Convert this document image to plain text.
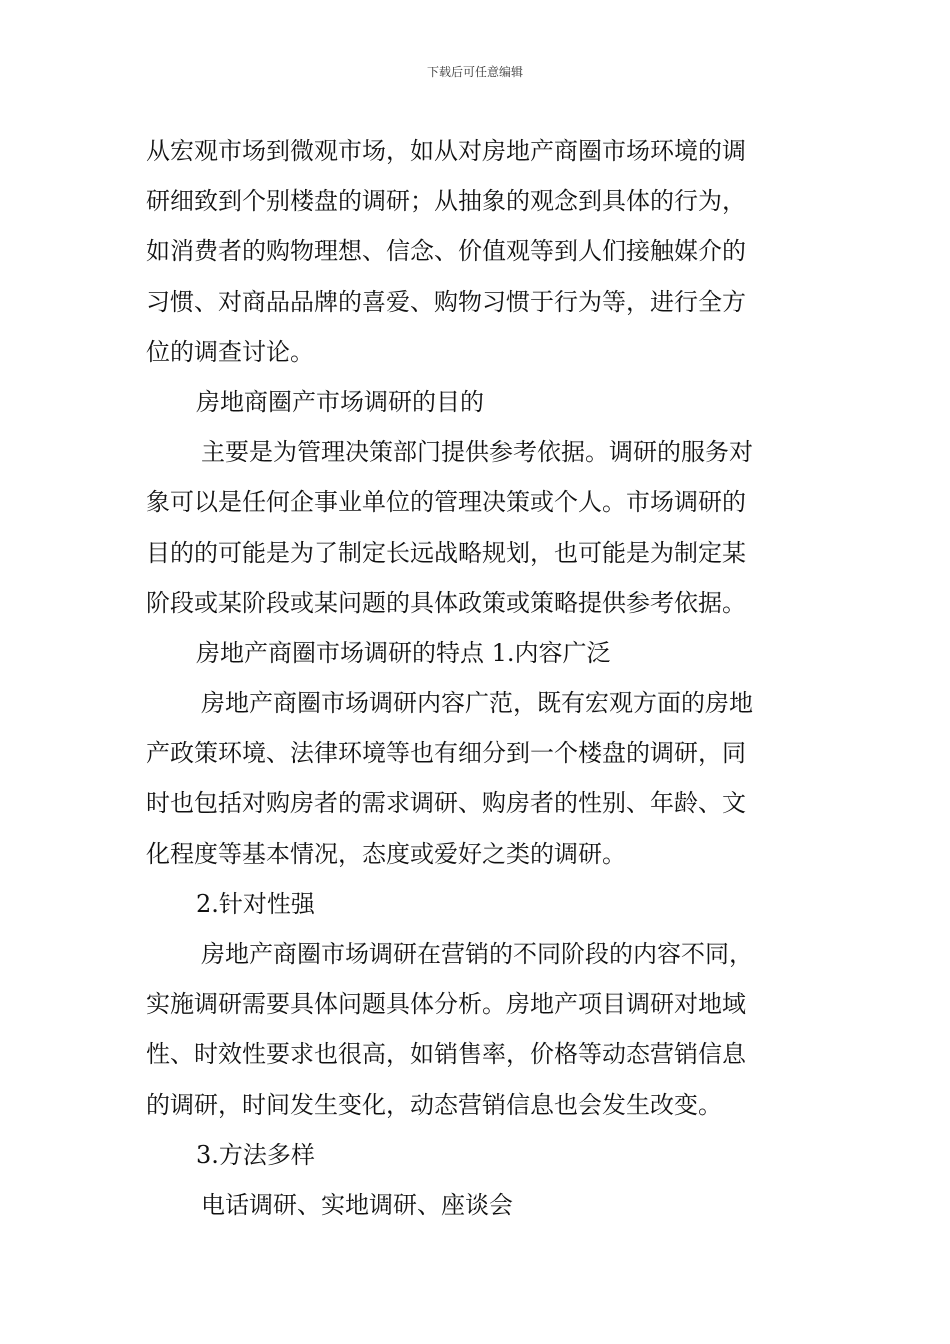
下载后可任意编辑
从宏观市场到微观市场，如从对房地产商圈市场环境的调
研细致到个别楼盘的调研；从抽象的观念到具体的行为，
如消费者的购物理想、信念、价值观等到人们接触媒介的
习惯、对商品品牌的喜爱、购物习惯于行为等，进行全方
位的调查讨论。
房地商圈产市场调研的目的
主要是为管理决策部门提供参考依据。调研的服务对
象可以是任何企事业单位的管理决策或个人。市场调研的
目的的可能是为了制定长远战略规划，也可能是为制定某
阶段或某阶段或某问题的具体政策或策略提供参考依据。
房地产商圈市场调研的特点 1.内容广泛
房地产商圈市场调研内容广范，既有宏观方面的房地
产政策环境、法律环境等也有细分到一个楼盘的调研，同
时也包括对购房者的需求调研、购房者的性别、年龄、文
化程度等基本情况，态度或爱好之类的调研。
2.针对性强
房地产商圈市场调研在营销的不同阶段的内容不同，
实施调研需要具体问题具体分析。房地产项目调研对地域
性、时效性要求也很高，如销售率，价格等动态营销信息
的调研，时间发生变化，动态营销信息也会发生改变。
3.方法多样
电话调研、实地调研、座谈会
